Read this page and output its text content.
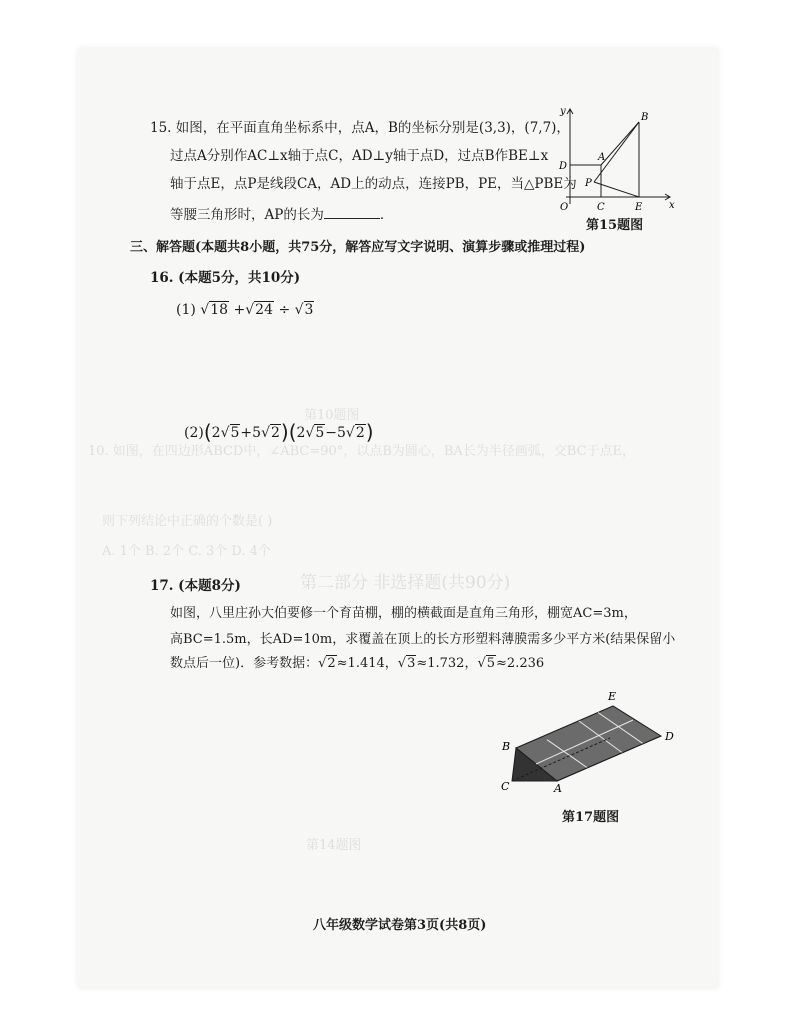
第二部分 非选择题(共90分)
第10题图
第14题图
10. 如图，在四边形ABCD中，∠ABC=90°，以点B为圆心，BA长为半径画弧，交BC于点E，
则下列结论中正确的个数是( )
A. 1个 B. 2个 C. 3个 D. 4个
15. 如图，在平面直角坐标系中，点A，B的坐标分别是(3,3)，(7,7)，
过点A分别作AC⊥x轴于点C，AD⊥y轴于点D，过点B作BE⊥x
轴于点E，点P是线段CA，AD上的动点，连接PB，PE，当△PBE为
等腰三角形时，AP的长为	．
y
x
O	C	E
D
A
P
B
第15题图
三、解答题(本题共8小题，共75分，解答应写文字说明、演算步骤或推理过程)
16. (本题5分，共10分)
(1) √18 +√24 ÷ √3
(2)(2√5+5√2)(2√5−5√2)
17. (本题8分)
如图，八里庄孙大伯要修一个育苗棚，棚的横截面是直角三角形，棚宽AC=3m，
高BC=1.5m，长AD=10m，求覆盖在顶上的长方形塑料薄膜需多少平方米(结果保留小
数点后一位)．参考数据：√2≈1.414，√3≈1.732，√5≈2.236
E
D
B
C	A
第17题图
八年级数学试卷第3页(共8页)
